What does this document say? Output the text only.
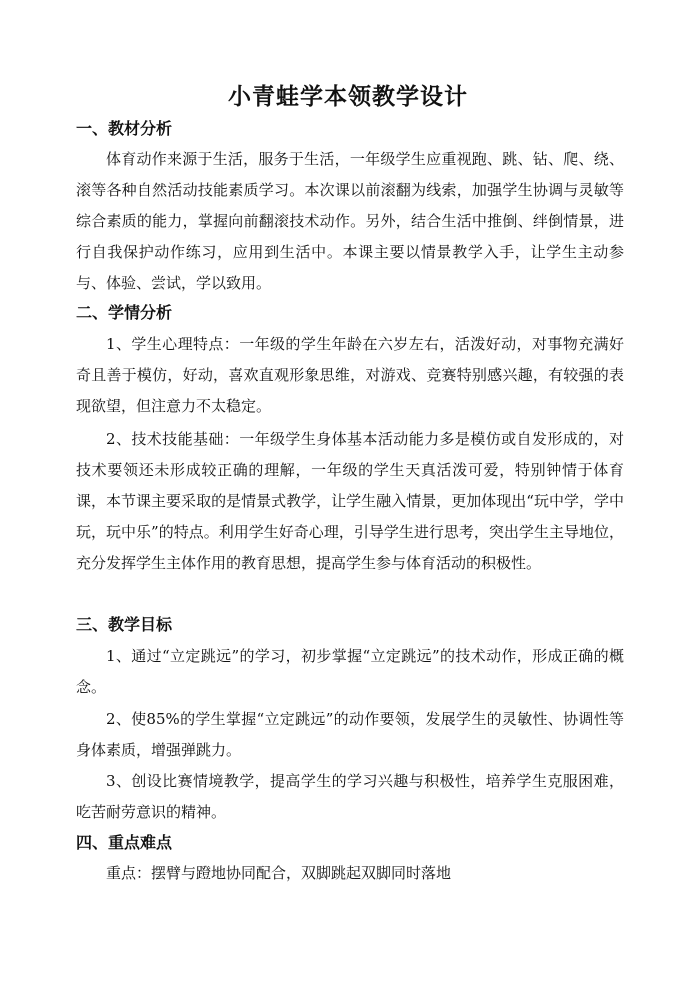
小青蛙学本领教学设计
一、教材分析

体育动作来源于生活，服务于生活，一年级学生应重视跑、跳、钻、爬、绕、滚等各种自然活动技能素质学习。本次课以前滚翻为线索，加强学生协调与灵敏等综合素质的能力，掌握向前翻滚技术动作。另外，结合生活中推倒、绊倒情景，进行自我保护动作练习，应用到生活中。本课主要以情景教学入手，让学生主动参与、体验、尝试，学以致用。

二、学情分析

1、学生心理特点：一年级的学生年龄在六岁左右，活泼好动，对事物充满好奇且善于模仿，好动，喜欢直观形象思维，对游戏、竞赛特别感兴趣，有较强的表现欲望，但注意力不太稳定。

2、技术技能基础：一年级学生身体基本活动能力多是模仿或自发形成的，对技术要领还未形成较正确的理解，一年级的学生天真活泼可爱，特别钟情于体育课，本节课主要采取的是情景式教学，让学生融入情景，更加体现出“玩中学，学中玩，玩中乐”的特点。利用学生好奇心理，引导学生进行思考，突出学生主导地位，充分发挥学生主体作用的教育思想，提高学生参与体育活动的积极性。

三、教学目标

1、通过“立定跳远”的学习，初步掌握“立定跳远”的技术动作，形成正确的概念。

2、使85%的学生掌握“立定跳远”的动作要领，发展学生的灵敏性、协调性等身体素质，增强弹跳力。

3、创设比赛情境教学，提高学生的学习兴趣与积极性，培养学生克服困难，吃苦耐劳意识的精神。

四、重点难点

重点：摆臂与蹬地协同配合，双脚跳起双脚同时落地
